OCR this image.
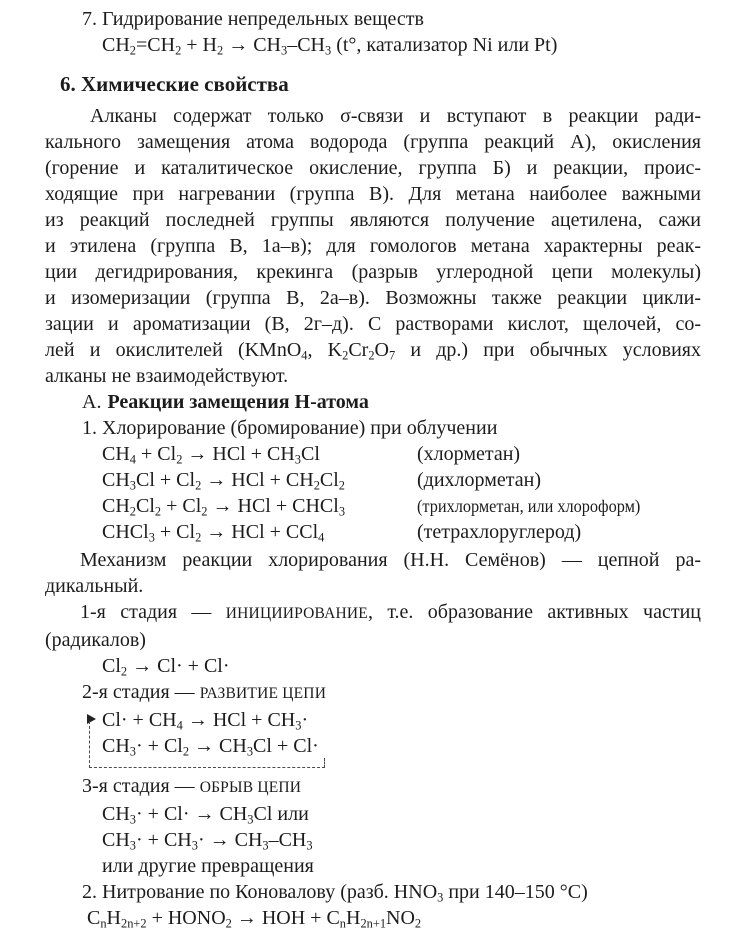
7. Гидрирование непредельных веществ
$CH_2=CH_2 + H_2 \to CH_3-CH_3$ (t°, катализатор Ni или Pt)
6. Химические свойства
Алканы содержат только σ-связи и вступают в реакции ради-
кального замещения атома водорода (группа реакций А), окисления
(горение и каталитическое окисление, группа Б) и реакции, проис-
ходящие при нагревании (группа В). Для метана наиболее важными
из реакций последней группы являются получение ацетилена, сажи
и этилена (группа В, 1а–в); для гомологов метана характерны реак-
ции дегидрирования, крекинга (разрыв углеродной цепи молекулы)
и изомеризации (группа В, 2а–в). Возможны также реакции цикли-
зации и ароматизации (В, 2г–д). С растворами кислот, щелочей, со-
лей и окислителей (KMnO$_4$, $K_2Cr_2O_7$ и др.) при обычных условиях
алканы не взаимодействуют.
А. Реакции замещения Н-атома
1. Хлорирование (бромирование) при облучении
$CH_4 + Cl_2$ → HCl + $CH_3Cl$	(хлорметан)
$CH_3Cl + Cl_2$ → HCl + $CH_2Cl_2$	(дихлорметан)
$CH_2Cl_2 + Cl_2$ → HCl + CHCl$_3$	(трихлорметан, или хлороформ)
CHCl$_3$ + $Cl_2$ → HCl + CCl$_4$	(тетрахлоруглерод)
Механизм реакции хлорирования (Н.Н. Семёнов) — цепной ра-
дикальный.
1-я стадия — ИНИЦИИРОВАНИЕ, т.е. образование активных частиц
(радикалов)
$Cl_2 \to Cl\cdot + Cl\cdot$
2-я стадия — РАЗВИТИЕ ЦЕПИ
$Cl\cdot + CH_4$ → HCl + $CH_3\cdot$
$CH_3\cdot + Cl_2 \to CH_3Cl + Cl\cdot$
3-я стадия — ОБРЫВ ЦЕПИ
$CH_3\cdot + Cl\cdot \to CH_3Cl$ или
$CH_3\cdot + CH_3\cdot \to CH_3-CH_3$
или другие превращения
2. Нитрование по Коновалову (разб. $HNO_3$ при 140–150 °C)
$C_nH_{2n+2}$ + $HONO_2$ → HOH + $C_nH_{2n+1}NO_2$
